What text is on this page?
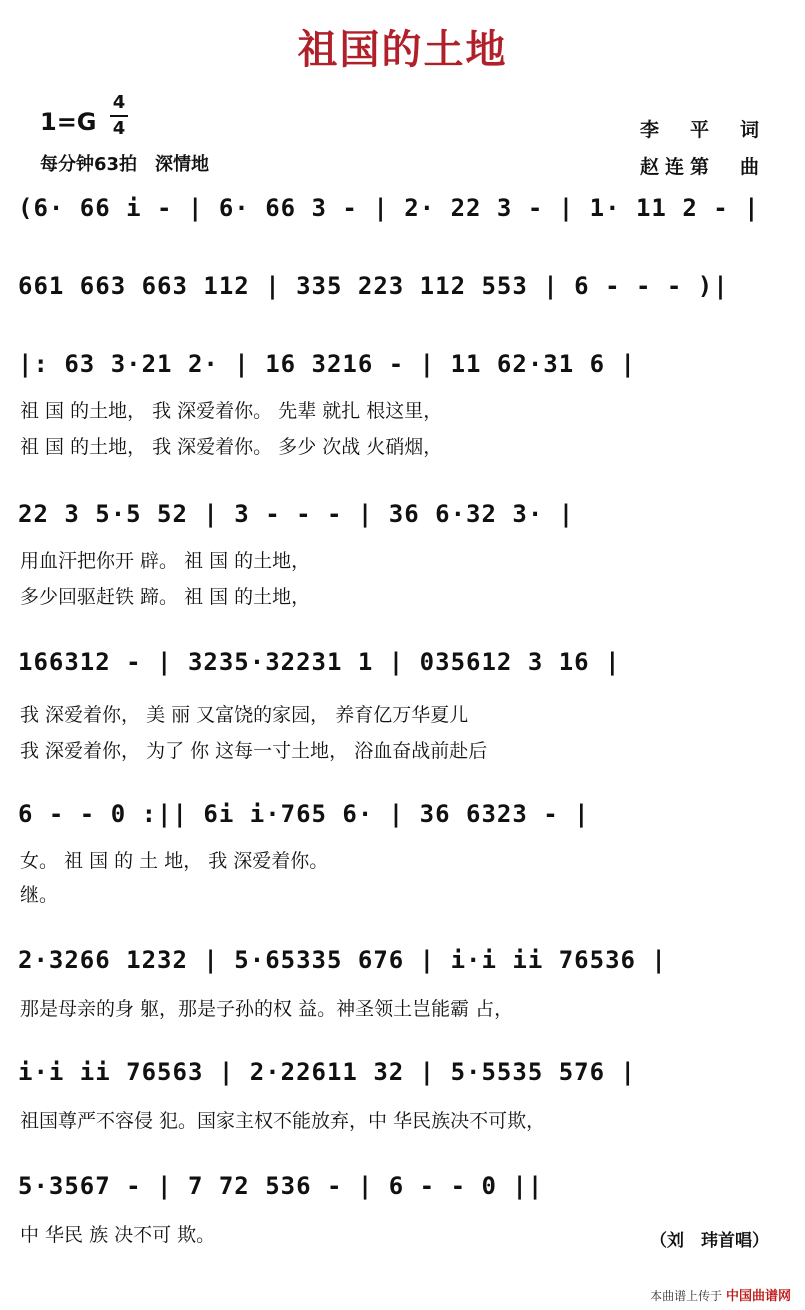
祖国的土地
1=G
4
4
每分钟63拍　深情地
李　平　词
赵连第　曲
(6· 66 i - | 6· 66 3 - | 2· 22 3 - | 1· 11 2 - |
661 663 663 112 | 335 223 112 553 | 6 - - - )|
|: 63 3·21 2· | 16 3216 - | 11 62·31 6 |
祖 国 的土地， 我 深爱着你。 先辈 就扎 根这里，
祖 国 的土地， 我 深爱着你。 多少 次战 火硝烟，
22 3 5·5 52 | 3 - - - | 36 6·32 3· |
用血汗把你开 辟。 祖 国 的土地，
多少回驱赶铁 蹄。 祖 国 的土地，
166312 - | 3235·32231 1 | 035612 3 16 |
我 深爱着你， 美 丽 又富饶的家园， 养育亿万华夏儿
我 深爱着你， 为了 你 这每一寸土地， 浴血奋战前赴后
6 - - 0 :|| 6i i·765 6· | 36 6323 - |
女。 祖 国 的 土 地， 我 深爱着你。
继。
2·3266 1232 | 5·65335 676 | i·i ii 76536 |
那是母亲的身 躯，那是子孙的权 益。神圣领土岂能霸 占，
i·i ii 76563 | 2·22611 32 | 5·5535 576 |
祖国尊严不容侵 犯。国家主权不能放弃，中 华民族决不可欺，
5·3567 - | 7 72 536 - | 6 - - 0 ||
中 华民 族 决不可 欺。	（刘　玮首唱）
本曲谱上传于 中国曲谱网
